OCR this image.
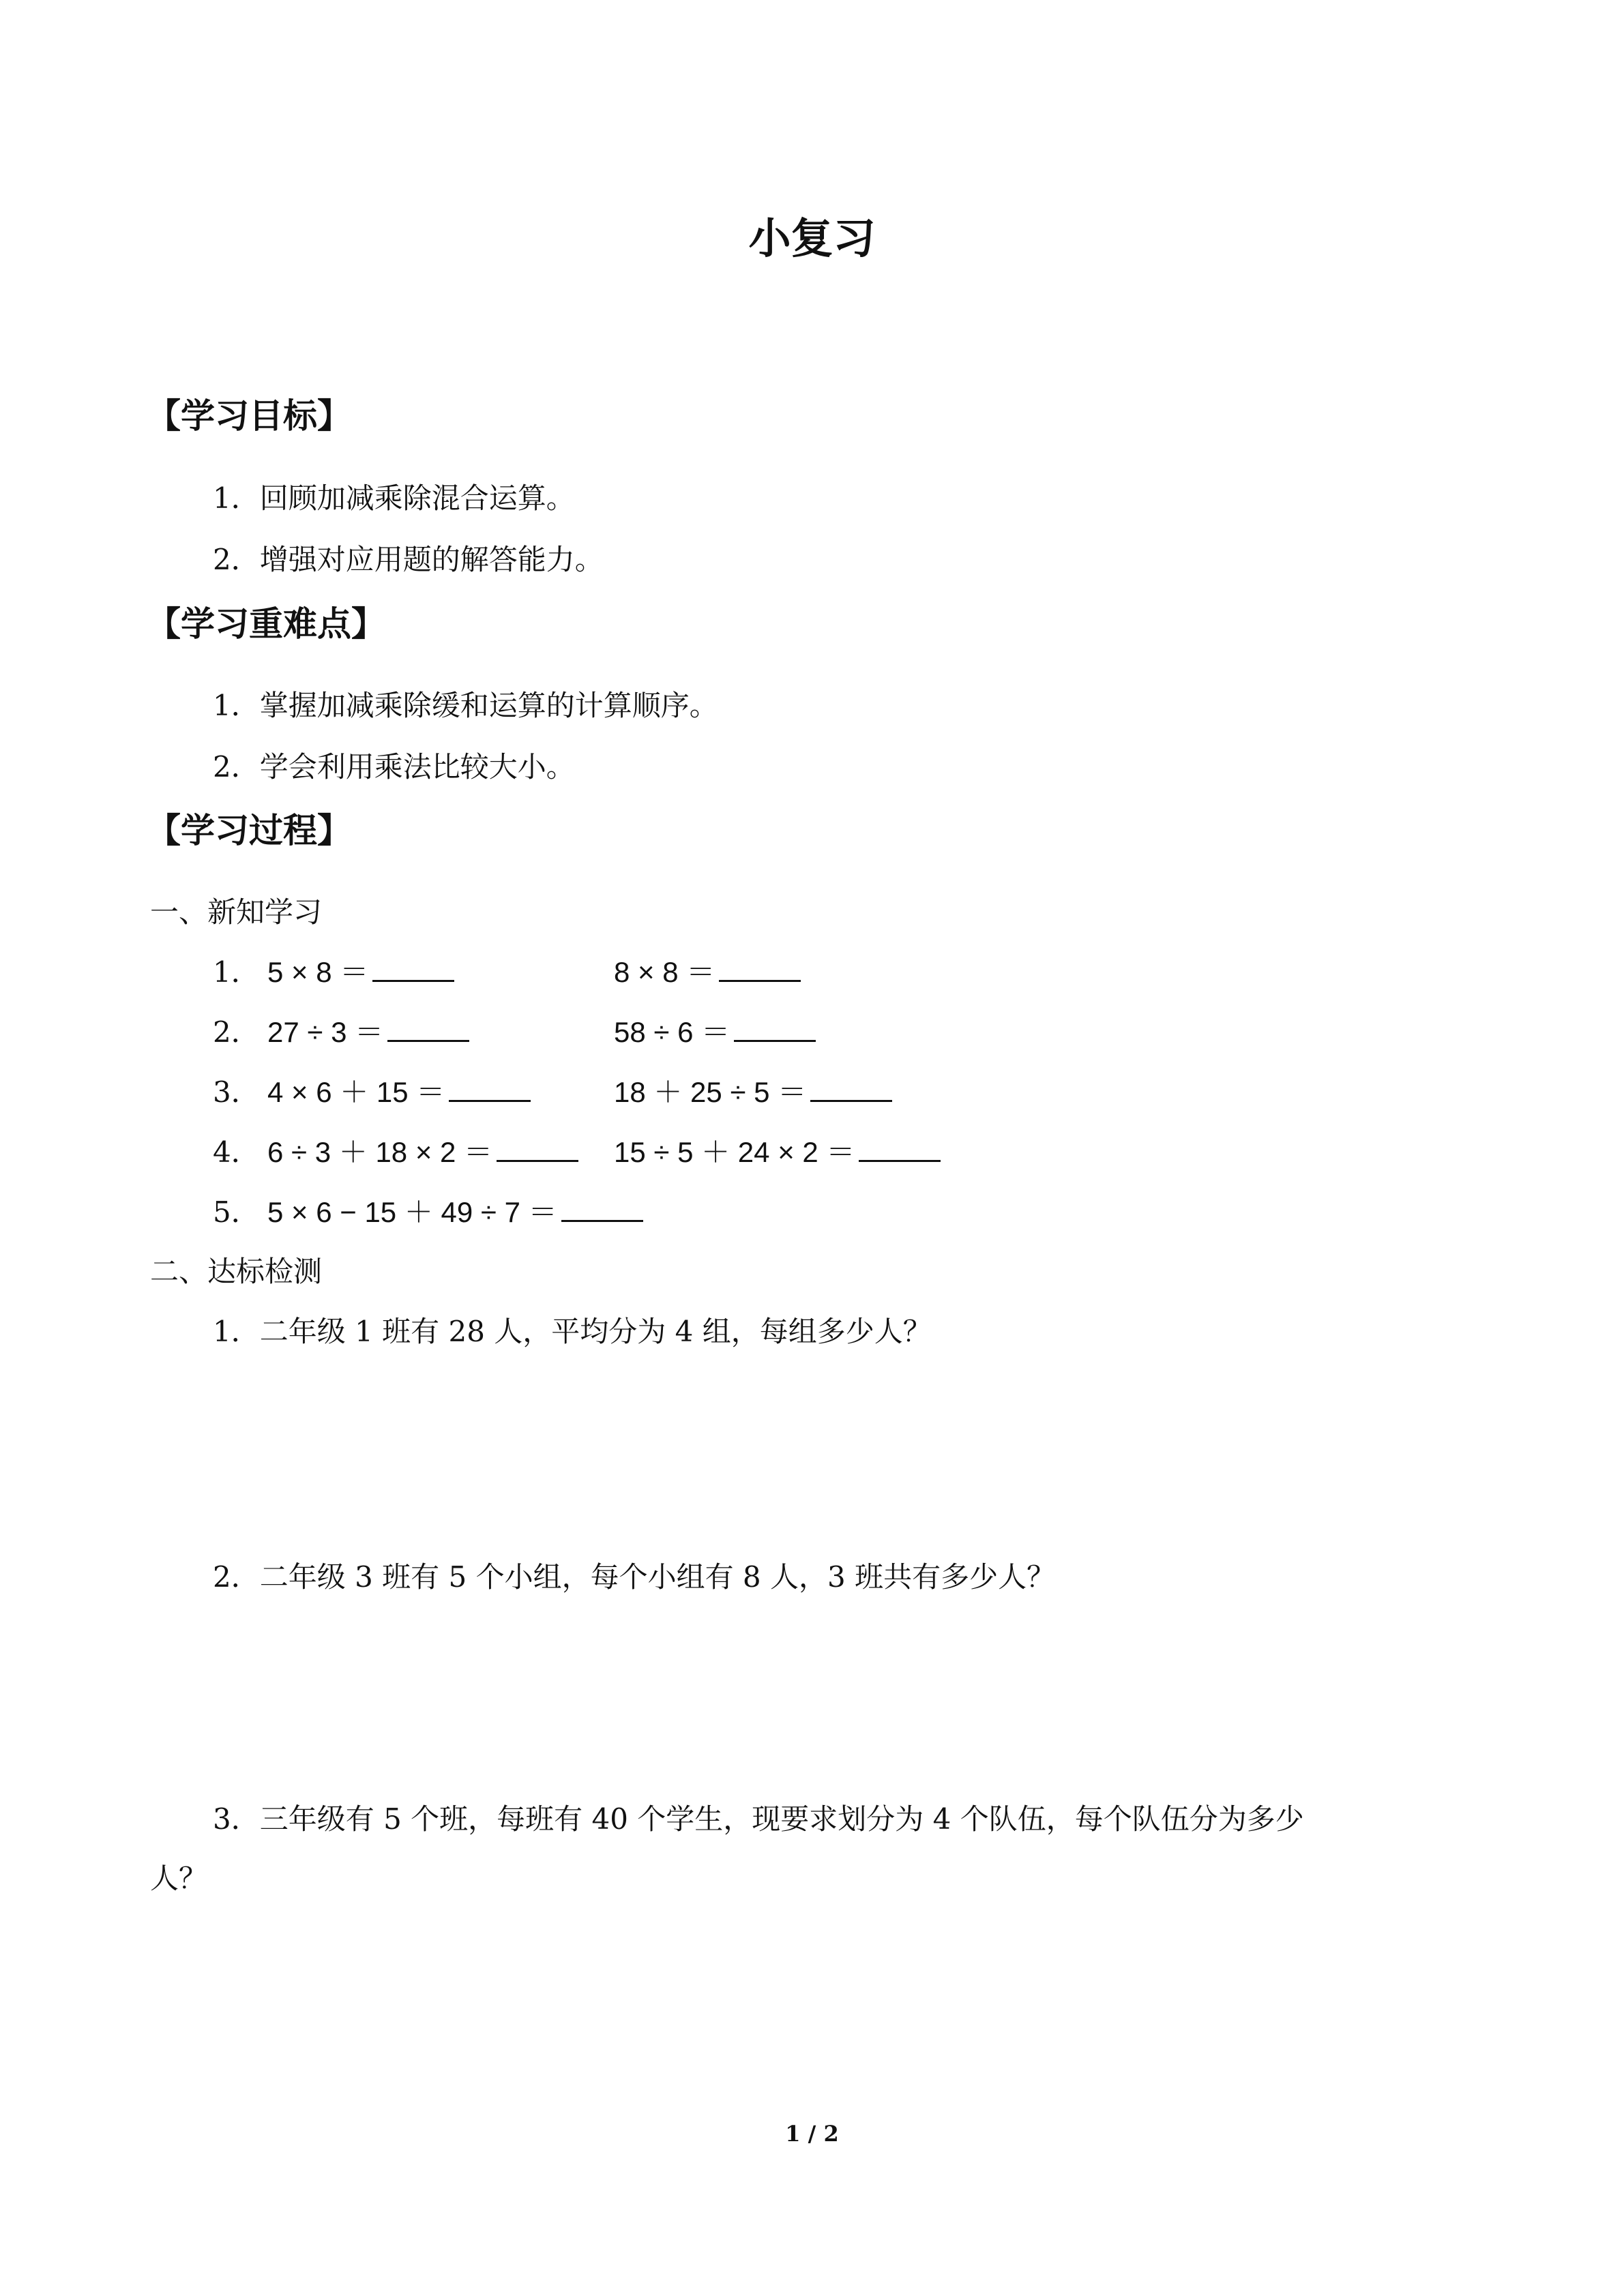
小复习
【学习目标】
1．回顾加减乘除混合运算。
2．增强对应用题的解答能力。
【学习重难点】
1．掌握加减乘除缓和运算的计算顺序。
2．学会利用乘法比较大小。
【学习过程】
一、新知学习
1． 5 × 8 ＝	8 × 8 ＝
2． 27 ÷ 3 ＝	58 ÷ 6 ＝
3． 4 × 6 ＋ 15 ＝	18 ＋ 25 ÷ 5 ＝
4． 6 ÷ 3 ＋ 18 × 2 ＝	15 ÷ 5 ＋ 24 × 2 ＝
5． 5 × 6 − 15 ＋ 49 ÷ 7 ＝
二、达标检测
1．二年级 1 班有 28 人，平均分为 4 组，每组多少人？
2．二年级 3 班有 5 个小组，每个小组有 8 人，3 班共有多少人？
3．三年级有 5 个班，每班有 40 个学生，现要求划分为 4 个队伍，每个队伍分为多少
人？
1 / 2
